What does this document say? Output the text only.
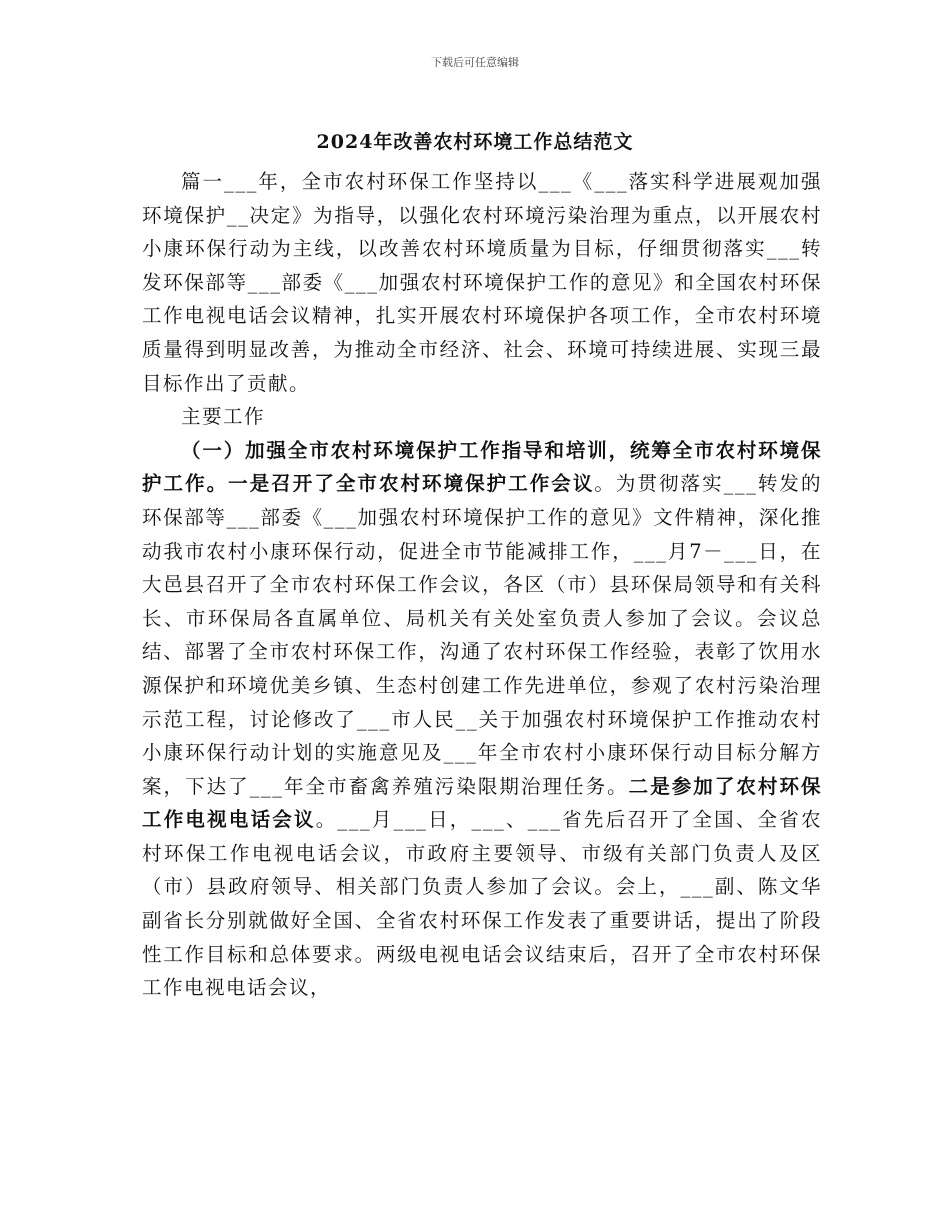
下载后可任意编辑
2024年改善农村环境工作总结范文

篇一___年，全市农村环保工作坚持以___《___落实科学进展观加强环境保护__决定》为指导，以强化农村环境污染治理为重点，以开展农村小康环保行动为主线，以改善农村环境质量为目标，仔细贯彻落实___转发环保部等___部委《___加强农村环境保护工作的意见》和全国农村环保工作电视电话会议精神，扎实开展农村环境保护各项工作，全市农村环境质量得到明显改善，为推动全市经济、社会、环境可持续进展、实现三最目标作出了贡献。

主要工作

（一）加强全市农村环境保护工作指导和培训，统筹全市农村环境保护工作。一是召开了全市农村环境保护工作会议。为贯彻落实___转发的环保部等___部委《___加强农村环境保护工作的意见》文件精神，深化推动我市农村小康环保行动，促进全市节能减排工作，___月7－___日，在大邑县召开了全市农村环保工作会议，各区（市）县环保局领导和有关科长、市环保局各直属单位、局机关有关处室负责人参加了会议。会议总结、部署了全市农村环保工作，沟通了农村环保工作经验，表彰了饮用水源保护和环境优美乡镇、生态村创建工作先进单位，参观了农村污染治理示范工程，讨论修改了___市人民__关于加强农村环境保护工作推动农村小康环保行动计划的实施意见及___年全市农村小康环保行动目标分解方案，下达了___年全市畜禽养殖污染限期治理任务。二是参加了农村环保工作电视电话会议。___月___日，___、___省先后召开了全国、全省农村环保工作电视电话会议，市政府主要领导、市级有关部门负责人及区（市）县政府领导、相关部门负责人参加了会议。会上，___副、陈文华副省长分别就做好全国、全省农村环保工作发表了重要讲话，提出了阶段性工作目标和总体要求。两级电视电话会议结束后，召开了全市农村环保工作电视电话会议，
